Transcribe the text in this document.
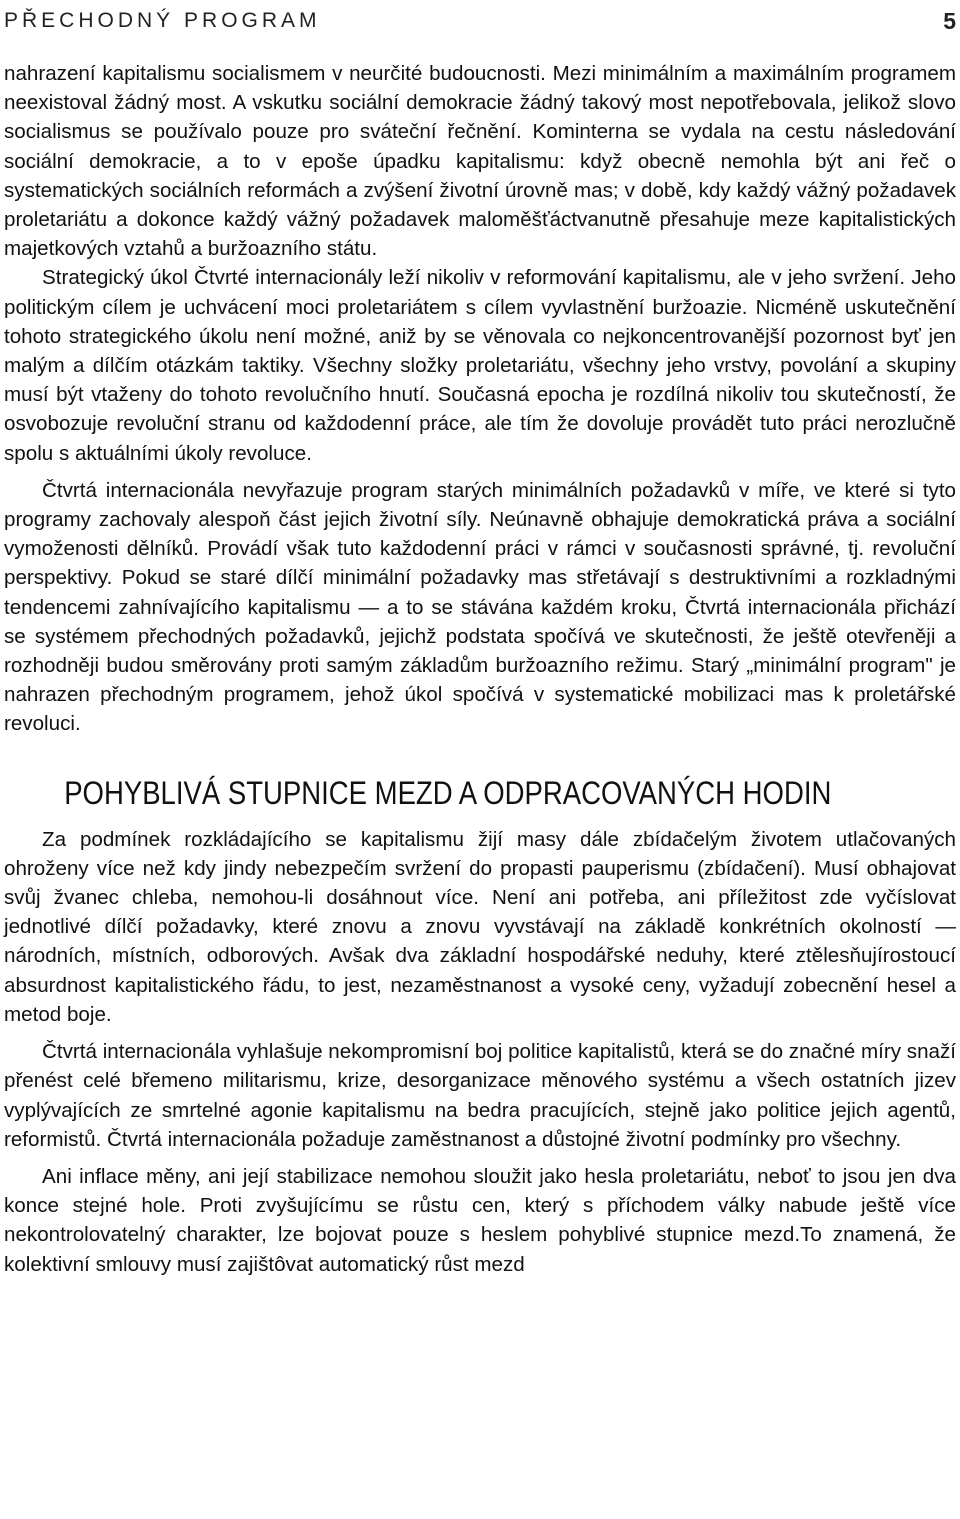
PŘECHODNÝ PROGRAM	5

nahrazení kapitalismu socialismem v neurčité budoucnosti. Mezi minimálním a maximálním programem neexistoval žádný most. A vskutku sociální demokracie žádný takový most nepotřebovala, jelikož slovo socialismus se používalo pouze pro sváteční řečnění. Kominterna se vydala na cestu následování sociální demokracie, a to v epoše úpadku kapitalismu: když obecně nemohla být ani řeč o systematických sociálních reformách a zvýšení životní úrovně mas; v době, kdy každý vážný požadavek proletariátu a dokonce každý vážný požadavek maloměšťáctvanutně přesahuje meze kapitalistických majetkových vztahů a buržoazního státu.

Strategický úkol Čtvrté internacionály leží nikoliv v reformování kapitalismu, ale v jeho svržení. Jeho politickým cílem je uchvácení moci proletariátem s cílem vyvlastnění buržoazie. Nicméně uskutečnění tohoto strategického úkolu není možné, aniž by se věnovala co nejkoncentrovanější pozornost byť jen malým a dílčím otázkám taktiky. Všechny složky proletariátu, všechny jeho vrstvy, povolání a skupiny musí být vtaženy do tohoto revolučního hnutí. Současná epocha je rozdílná nikoliv tou skutečností, že osvobozuje revoluční stranu od každodenní práce, ale tím že dovoluje provádět tuto práci nerozlučně spolu s aktuálními úkoly revoluce.

Čtvrtá internacionála nevyřazuje program starých minimálních požadavků v míře, ve které si tyto programy zachovaly alespoň část jejich životní síly. Neúnavně obhajuje demokratická práva a sociální vymoženosti dělníků. Provádí však tuto každodenní práci v rámci v současnosti správné, tj. revoluční perspektivy. Pokud se staré dílčí minimální požadavky mas střetávají s destruktivními a rozkladnými tendencemi zahnívajícího kapitalismu — a to se stávána každém kroku, Čtvrtá internacionála přichází se systémem přechodných požadavků, jejichž podstata spočívá ve skutečnosti, že ještě otevřeněji a rozhodněji budou směrovány proti samým základům buržoazního režimu. Starý „minimální program" je nahrazen přechodným programem, jehož úkol spočívá v systematické mobilizaci mas k proletářské revoluci.

POHYBLIVÁ STUPNICE MEZD A ODPRACOVANÝCH HODIN

Za podmínek rozkládajícího se kapitalismu žijí masy dále zbídačelým životem utlačovaných ohroženy více než kdy jindy nebezpečím svržení do propasti pauperismu (zbídačení). Musí obhajovat svůj žvanec chleba, nemohou-li dosáhnout více. Není ani potřeba, ani příležitost zde vyčíslovat jednotlivé dílčí požadavky, které znovu a znovu vyvstávají na základě konkrétních okolností — národních, místních, odborových. Avšak dva základní hospodářské neduhy, které ztělesňujírostoucí absurdnost kapitalistického řádu, to jest, nezaměstnanost a vysoké ceny, vyžadují zobecnění hesel a metod boje.

Čtvrtá internacionála vyhlašuje nekompromisní boj politice kapitalistů, která se do značné míry snaží přenést celé břemeno militarismu, krize, desorganizace měnového systému a všech ostatních jizev vyplývajících ze smrtelné agonie kapitalismu na bedra pracujících, stejně jako politice jejich agentů, reformistů. Čtvrtá internacionála požaduje zaměstnanost a důstojné životní podmínky pro všechny.

Ani inflace měny, ani její stabilizace nemohou sloužit jako hesla proletariátu, neboť to jsou jen dva konce stejné hole. Proti zvyšujícímu se růstu cen, který s příchodem války nabude ještě více nekontrolovatelný charakter, lze bojovat pouze s heslem pohyblivé stupnice mezd.To znamená, že kolektivní smlouvy musí zajištôvat automatický růst mezd
